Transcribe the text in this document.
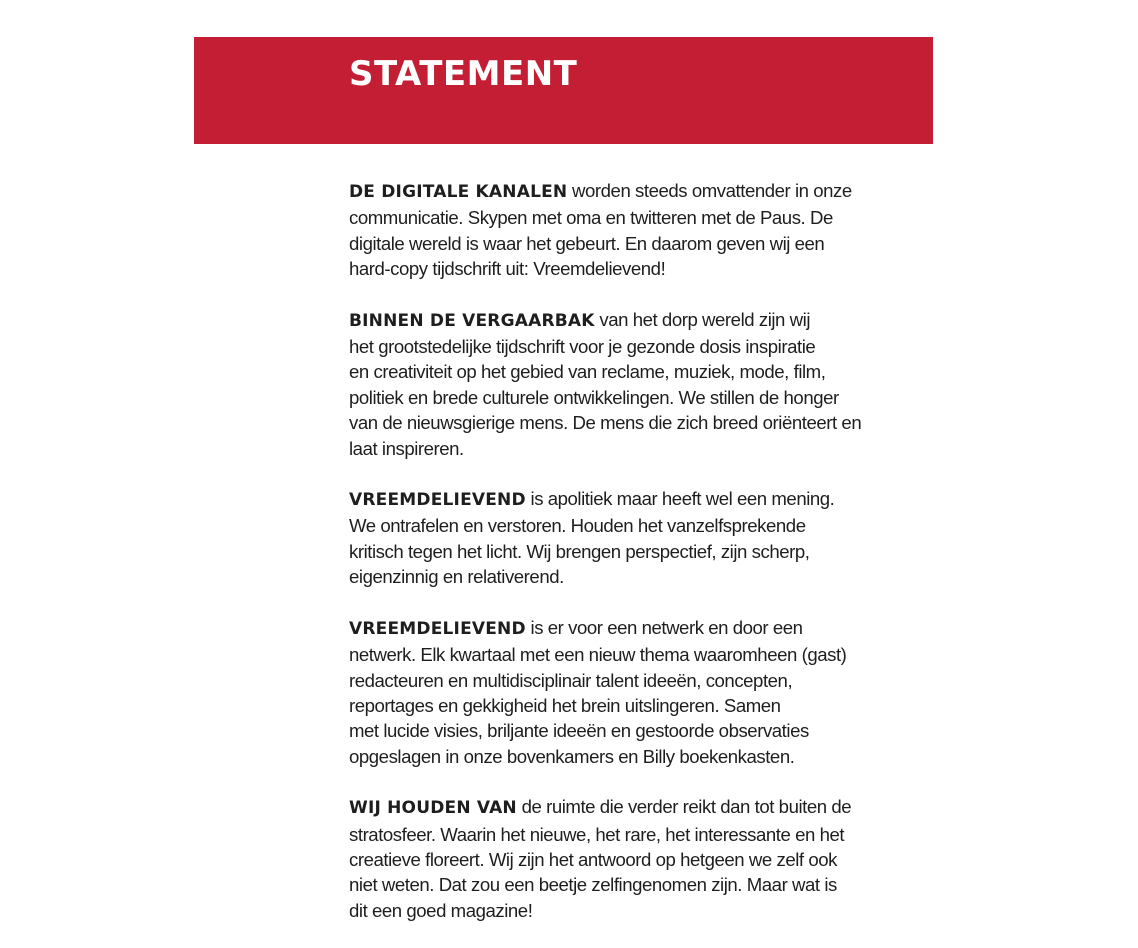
STATEMENT

DE DIGITALE KANALEN worden steeds omvattender in onze
communicatie. Skypen met oma en twitteren met de Paus. De
digitale wereld is waar het gebeurt. En daarom geven wij een
hard-copy tijdschrift uit: Vreemdelievend!

BINNEN DE VERGAARBAK van het dorp wereld zijn wij
het grootstedelijke tijdschrift voor je gezonde dosis inspiratie
en creativiteit op het gebied van reclame, muziek, mode, film,
politiek en brede culturele ontwikkelingen. We stillen de honger
van de nieuwsgierige mens. De mens die zich breed oriënteert en
laat inspireren.

VREEMDELIEVEND is apolitiek maar heeft wel een mening.
We ontrafelen en verstoren. Houden het vanzelfsprekende
kritisch tegen het licht. Wij brengen perspectief, zijn scherp,
eigenzinnig en relativerend.

VREEMDELIEVEND is er voor een netwerk en door een
netwerk. Elk kwartaal met een nieuw thema waaromheen (gast)
redacteuren en multidisciplinair talent ideeën, concepten,
reportages en gekkigheid het brein uitslingeren. Samen
met lucide visies, briljante ideeën en gestoorde observaties
opgeslagen in onze bovenkamers en Billy boekenkasten.

WIJ HOUDEN VAN de ruimte die verder reikt dan tot buiten de
stratosfeer. Waarin het nieuwe, het rare, het interessante en het
creatieve floreert. Wij zijn het antwoord op hetgeen we zelf ook
niet weten. Dat zou een beetje zelfingenomen zijn. Maar wat is
dit een goed magazine!
